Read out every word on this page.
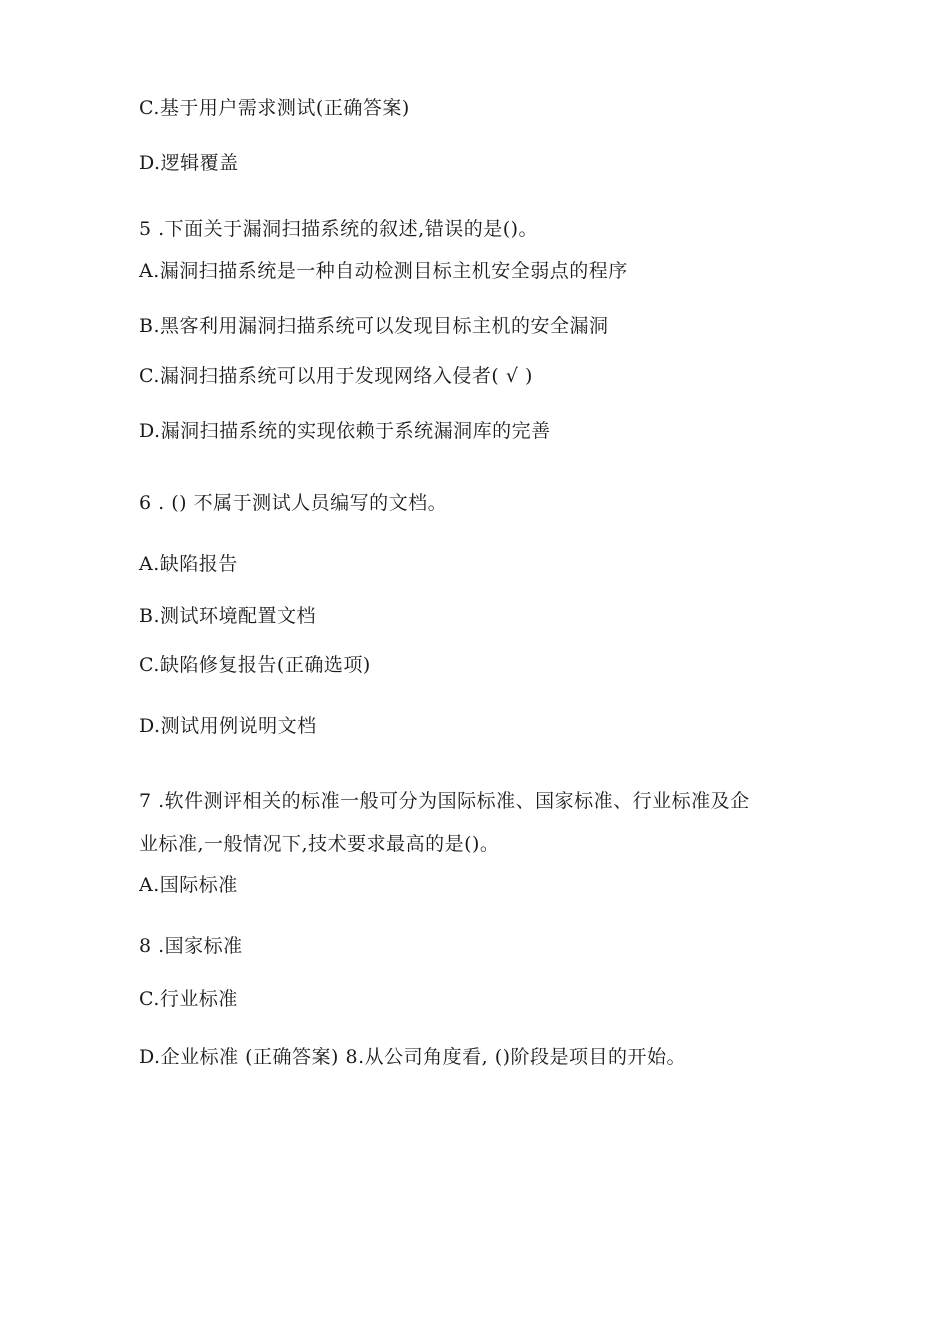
C.基于用户需求测试(正确答案)
D.逻辑覆盖
5 .下面关于漏洞扫描系统的叙述,错误的是()。
A.漏洞扫描系统是一种自动检测目标主机安全弱点的程序
B.黑客利用漏洞扫描系统可以发现目标主机的安全漏洞
C.漏洞扫描系统可以用于发现网络入侵者( √ )
D.漏洞扫描系统的实现依赖于系统漏洞库的完善
6 . () 不属于测试人员编写的文档。
A.缺陷报告
B.测试环境配置文档
C.缺陷修复报告(正确选项)
D.测试用例说明文档
7 .软件测评相关的标准一般可分为国际标准、国家标准、行业标准及企
业标准,一般情况下,技术要求最高的是()。
A.国际标准
8 .国家标准
C.行业标准
D.企业标准 (正确答案) 8.从公司角度看, ()阶段是项目的开始。
